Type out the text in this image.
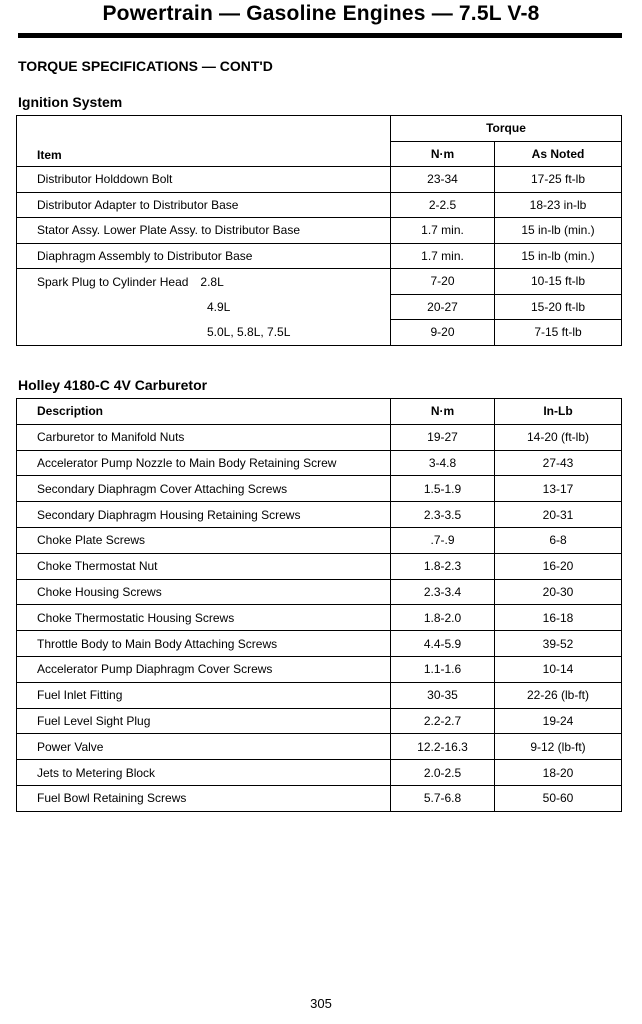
Powertrain — Gasoline Engines — 7.5L V-8
TORQUE SPECIFICATIONS — CONT'D
Ignition System
Item	Torque	
	N·m	As Noted
Distributor Holddown Bolt	23-34	17-25 ft-lb
Distributor Adapter to Distributor Base	2-2.5	18-23 in-lb
Stator Assy. Lower Plate Assy. to Distributor Base	1.7 min.	15 in-lb (min.)
Diaphragm Assembly to Distributor Base	1.7 min.	15 in-lb (min.)
Spark Plug to Cylinder Head 2.8L	7-20	10-15 ft-lb
4.9L	20-27	15-20 ft-lb
5.0L, 5.8L, 7.5L	9-20	7-15 ft-lb
Holley 4180-C 4V Carburetor
Description	N·m	In-Lb
Carburetor to Manifold Nuts	19-27	14-20 (ft-lb)
Accelerator Pump Nozzle to Main Body Retaining Screw	3-4.8	27-43
Secondary Diaphragm Cover Attaching Screws	1.5-1.9	13-17
Secondary Diaphragm Housing Retaining Screws	2.3-3.5	20-31
Choke Plate Screws	.7-.9	6-8
Choke Thermostat Nut	1.8-2.3	16-20
Choke Housing Screws	2.3-3.4	20-30
Choke Thermostatic Housing Screws	1.8-2.0	16-18
Throttle Body to Main Body Attaching Screws	4.4-5.9	39-52
Accelerator Pump Diaphragm Cover Screws	1.1-1.6	10-14
Fuel Inlet Fitting	30-35	22-26 (lb-ft)
Fuel Level Sight Plug	2.2-2.7	19-24
Power Valve	12.2-16.3	9-12 (lb-ft)
Jets to Metering Block	2.0-2.5	18-20
Fuel Bowl Retaining Screws	5.7-6.8	50-60
305
